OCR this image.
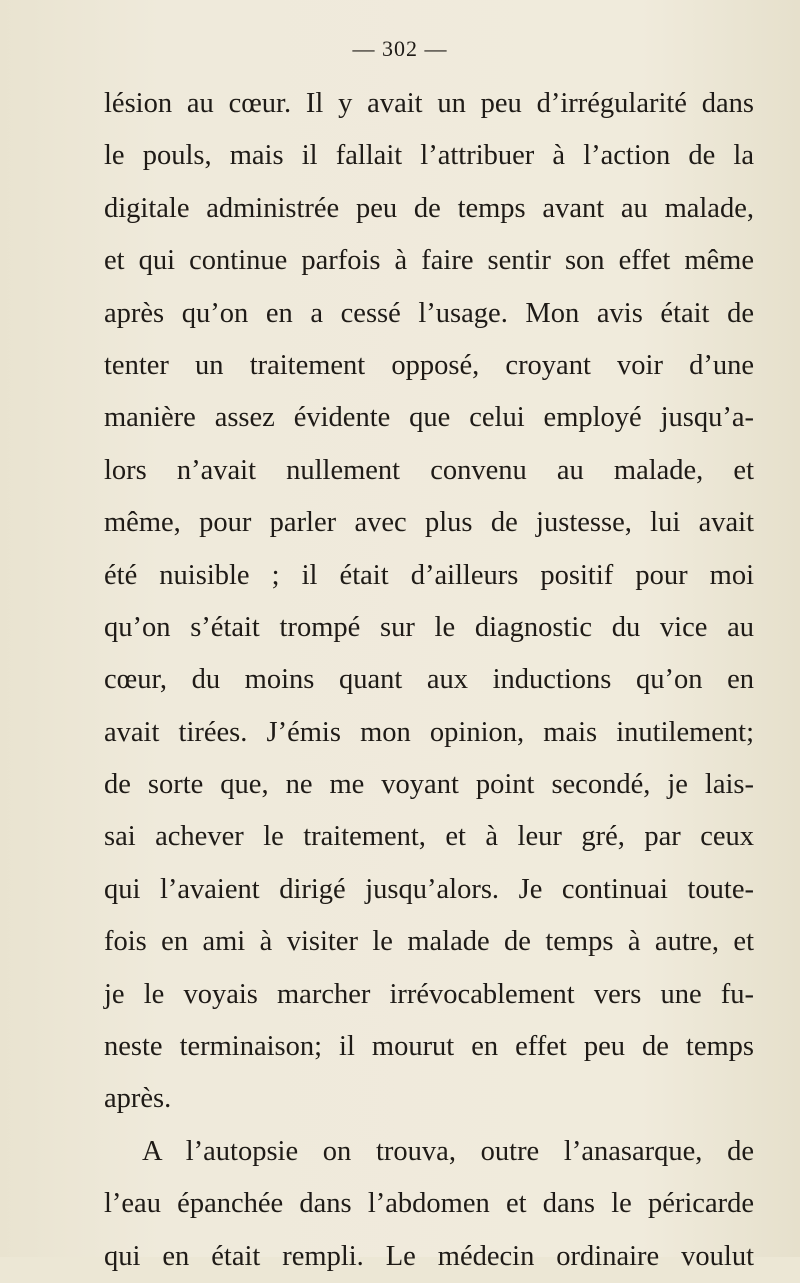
— 302 —
lésion au cœur. Il y avait un peu d’irrégularité dans
le pouls, mais il fallait l’attribuer à l’action de la
digitale administrée peu de temps avant au malade,
et qui continue parfois à faire sentir son effet même
après qu’on en a cessé l’usage. Mon avis était de
tenter un traitement opposé, croyant voir d’une
manière assez évidente que celui employé jusqu’a-
lors n’avait nullement convenu au malade, et
même, pour parler avec plus de justesse, lui avait
été nuisible ; il était d’ailleurs positif pour moi
qu’on s’était trompé sur le diagnostic du vice au
cœur, du moins quant aux inductions qu’on en
avait tirées. J’émis mon opinion, mais inutilement;
de sorte que, ne me voyant point secondé, je lais-
sai achever le traitement, et à leur gré, par ceux
qui l’avaient dirigé jusqu’alors. Je continuai toute-
fois en ami à visiter le malade de temps à autre, et
je le voyais marcher irrévocablement vers une fu-
neste terminaison; il mourut en effet peu de temps
après.
A l’autopsie on trouva, outre l’anasarque, de
l’eau épanchée dans l’abdomen et dans le péricarde
qui en était rempli. Le médecin ordinaire voulut
